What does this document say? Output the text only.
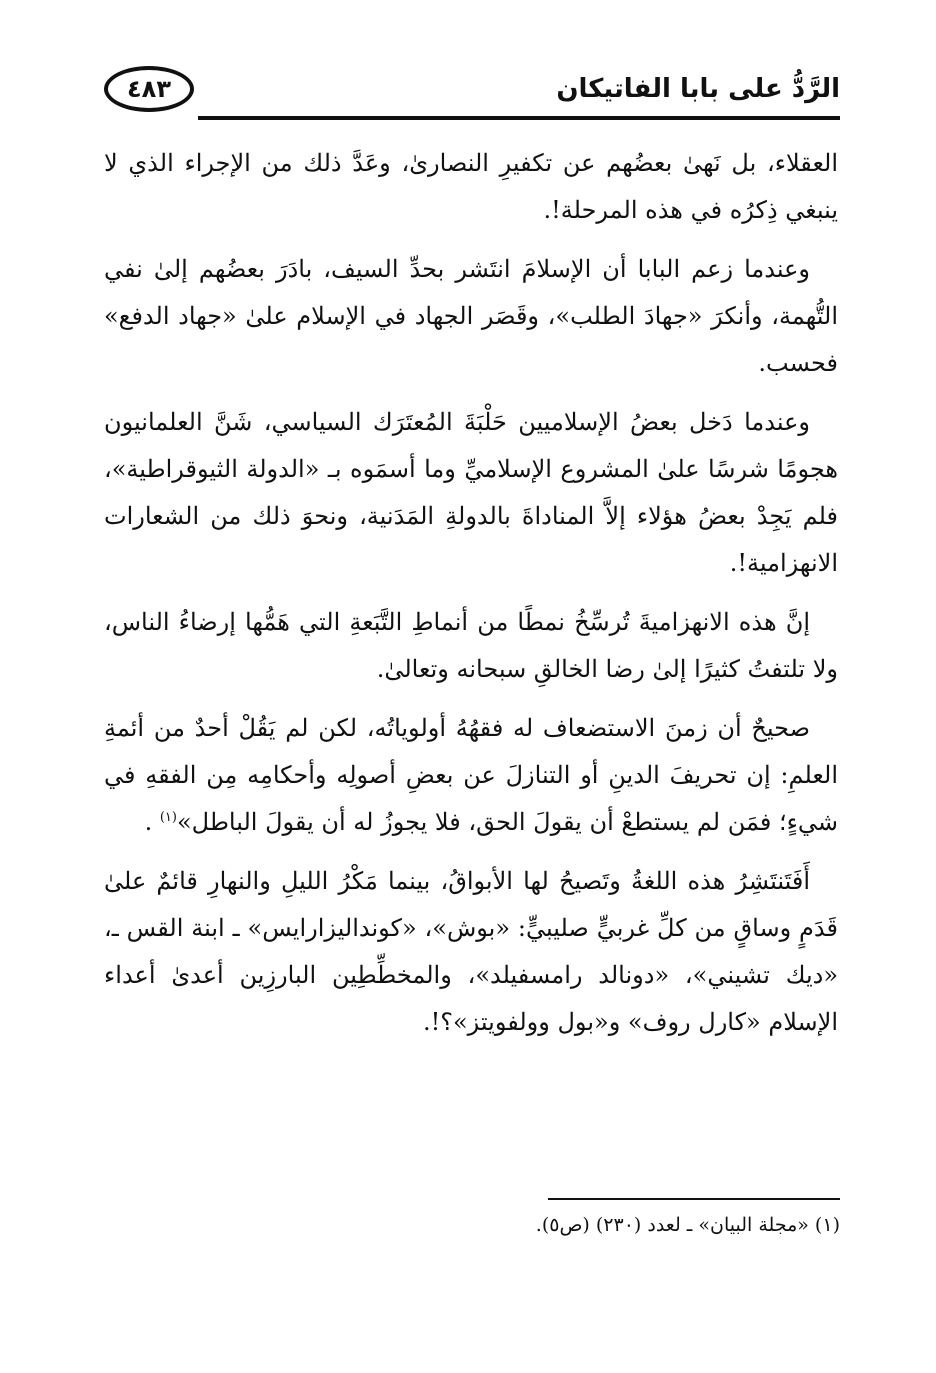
٤٨٣	الرَّدُّ على بابا الفاتيكان

العقلاء، بل نَهىٰ بعضُهم عن تكفيرِ النصارىٰ، وعَدَّ ذلك من الإجراء الذي لا ينبغي ذِكرُه في هذه المرحلة!.

وعندما زعم البابا أن الإسلامَ انتَشر بحدِّ السيف، بادَرَ بعضُهم إلىٰ نفي التُّهمة، وأنكرَ «جهادَ الطلب»، وقَصَر الجهاد في الإسلام علىٰ «جهاد الدفع» فحسب.

وعندما دَخل بعضُ الإسلاميين حَلْبَةَ المُعتَرَك السياسي، شَنَّ العلمانيون هجومًا شرسًا علىٰ المشروع الإسلاميِّ وما أسمَوه بـ «الدولة الثيوقراطية»، فلم يَجِدْ بعضُ هؤلاء إلاَّ المناداةَ بالدولةِ المَدَنية، ونحوَ ذلك من الشعارات الانهزامية!.

إنَّ هذه الانهزاميةَ تُرسِّخُ نمطًا من أنماطِ التَّبَعةِ التي هَمُّها إرضاءُ الناس، ولا تلتفتُ كثيرًا إلىٰ رضا الخالقِ سبحانه وتعالىٰ.

صحيحٌ أن زمنَ الاستضعاف له فقهُهُ أولوياتُه، لكن لم يَقُلْ أحدٌ من أئمةِ العلمِ: إن تحريفَ الدينِ أو التنازلَ عن بعضِ أصولِه وأحكامِه مِن الفقهِ في شيءٍ؛ فمَن لم يستطعْ أن يقولَ الحق، فلا يجوزُ له أن يقولَ الباطل»$^{(١)}$ .

أَفَتَنتَشِرُ هذه اللغةُ وتَصيحُ لها الأبواقُ، بينما مَكْرُ الليلِ والنهارِ قائمٌ علىٰ قَدَمٍ وساقٍ من كلِّ غربيٍّ صليبيٍّ: «بوش»، «كونداليزارايس» ـ ابنة القس ـ، «ديك تشيني»، «دونالد رامسفيلد»، والمخطِّطِين البارزِين أعدىٰ أعداء الإسلام «كارل روف» و«بول وولفويتز»؟!.

(١) «مجلة البيان» ـ لعدد (٢٣٠) (ص٥).
